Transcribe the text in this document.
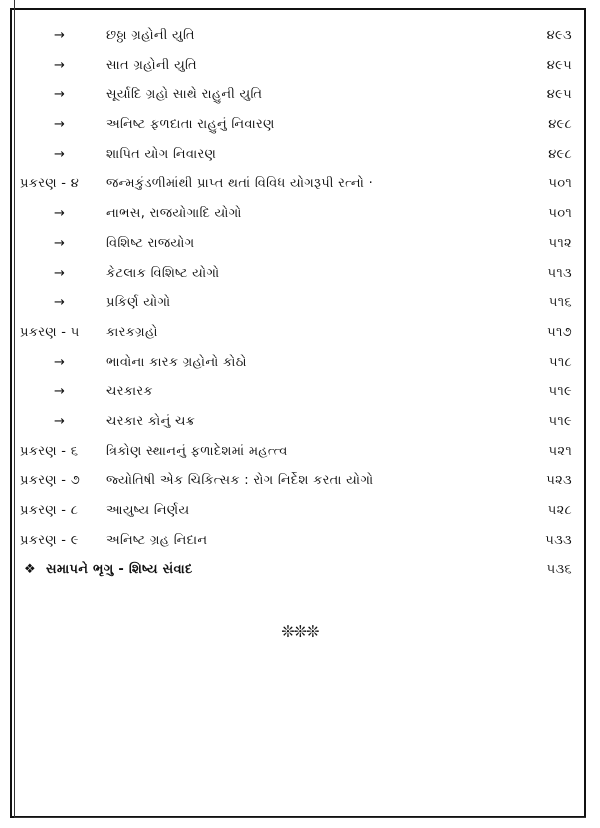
→	છઠ્ઠા ગ્રહોની યુતિ	૪૯૩
→	સાત ગ્રહોની યુતિ	૪૯૫
→	સૂર્યાદિ ગ્રહો સાથે રાહુની યુતિ	૪૯૫
→	અનિષ્ટ ફળદાતા રાહુનું નિવારણ	૪૯૮
→	શાપિત યોગ નિવારણ	૪૯૮
પ્રકરણ - ૪	જન્મકુંડળીમાંથી પ્રાપ્ત થતાં વિવિધ યોગરૂપી રત્નો ·	૫૦૧
→	નાભસ, રાજયોગાદિ યોગો	૫૦૧
→	વિશિષ્ટ રાજયોગ	૫૧૨
→	કેટલાક વિશિષ્ટ યોગો	૫૧૩
→	પ્રકિર્ણ યોગો	૫૧૬
પ્રકરણ - ૫	કારકગ્રહો	૫૧૭
→	ભાવોના કારક ગ્રહોનો કોઠો	૫૧૮
→	ચરકારક	૫૧૯
→	ચરકાર કોનું ચક્ર	૫૧૯
પ્રકરણ - ૬	ત્રિકોણ સ્થાનનું ફળાદેશમાં મહત્ત્વ	૫૨૧
પ્રકરણ - ૭	જ્યોતિષી એક ચિકિત્સક : રોગ નિર્દેશ કરતા યોગો	૫૨૩
પ્રકરણ - ૮	આયુષ્ય નિર્ણય	૫૨૮
પ્રકરણ - ૯	અનિષ્ટ ગ્રહ નિદાન	૫૩૩
❖ સમાપને ભૃગુ - શિષ્ય સંવાદ	૫૩૬
❊❊❊
